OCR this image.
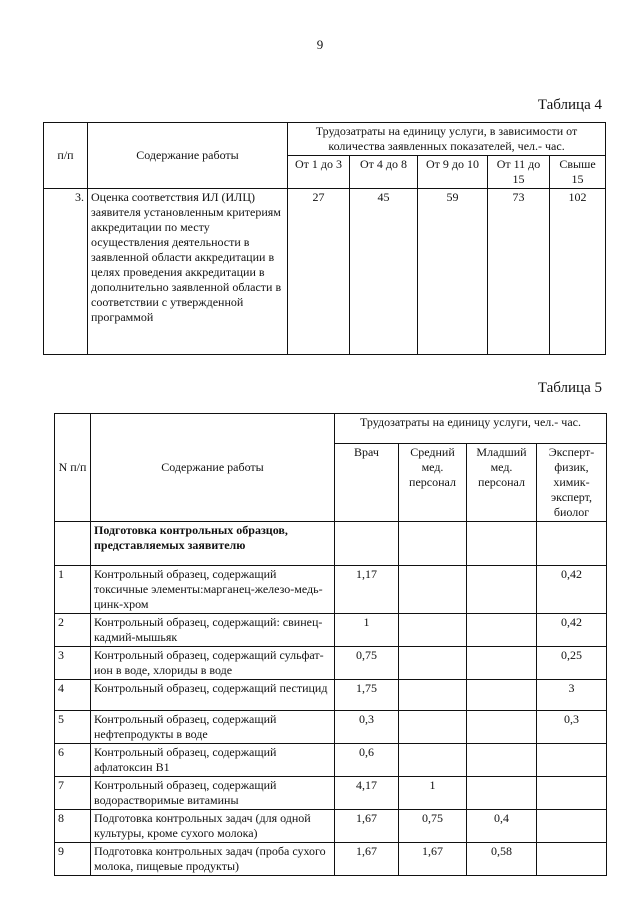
9
Таблица 4
п/п	Содержание работы	Трудозатраты на единицу услуги, в зависимости от количества заявленных показателей, чел.- час.				
		От 1 до 3	От 4 до 8	От 9 до 10	От 11 до 15	Свыше 15
3.	Оценка соответствия ИЛ (ИЛЦ) заявителя установленным критериям аккредитации по месту осуществления деятельности в заявленной области аккредитации в целях проведения аккредитации в дополнительно заявленной области в соответствии с утвержденной программой	27	45	59	73	102
Таблица 5
N п/п	Содержание работы	Трудозатраты на единицу услуги, чел.- час.			
		Врач	Средний мед. персонал	Младший мед. персонал	Эксперт-физик, химик-эксперт, биолог
	Подготовка контрольных образцов, представляемых заявителю				
1	Контрольный образец, содержащий токсичные элементы:марганец-железо-медь-цинк-хром	1,17			0,42
2	Контрольный образец, содержащий: свинец-кадмий-мышьяк	1			0,42
3	Контрольный образец, содержащий сульфат-ион в воде, хлориды в воде	0,75			0,25
4	Контрольный образец, содержащий пестицид	1,75			3
5	Контрольный образец, содержащий нефтепродукты в воде	0,3			0,3
6	Контрольный образец, содержащий афлатоксин В1	0,6			
7	Контрольный образец, содержащий водорастворимые витамины	4,17	1		
8	Подготовка контрольных задач (для одной культуры, кроме сухого молока)	1,67	0,75	0,4	
9	Подготовка контрольных задач (проба сухого молока, пищевые продукты)	1,67	1,67	0,58	
